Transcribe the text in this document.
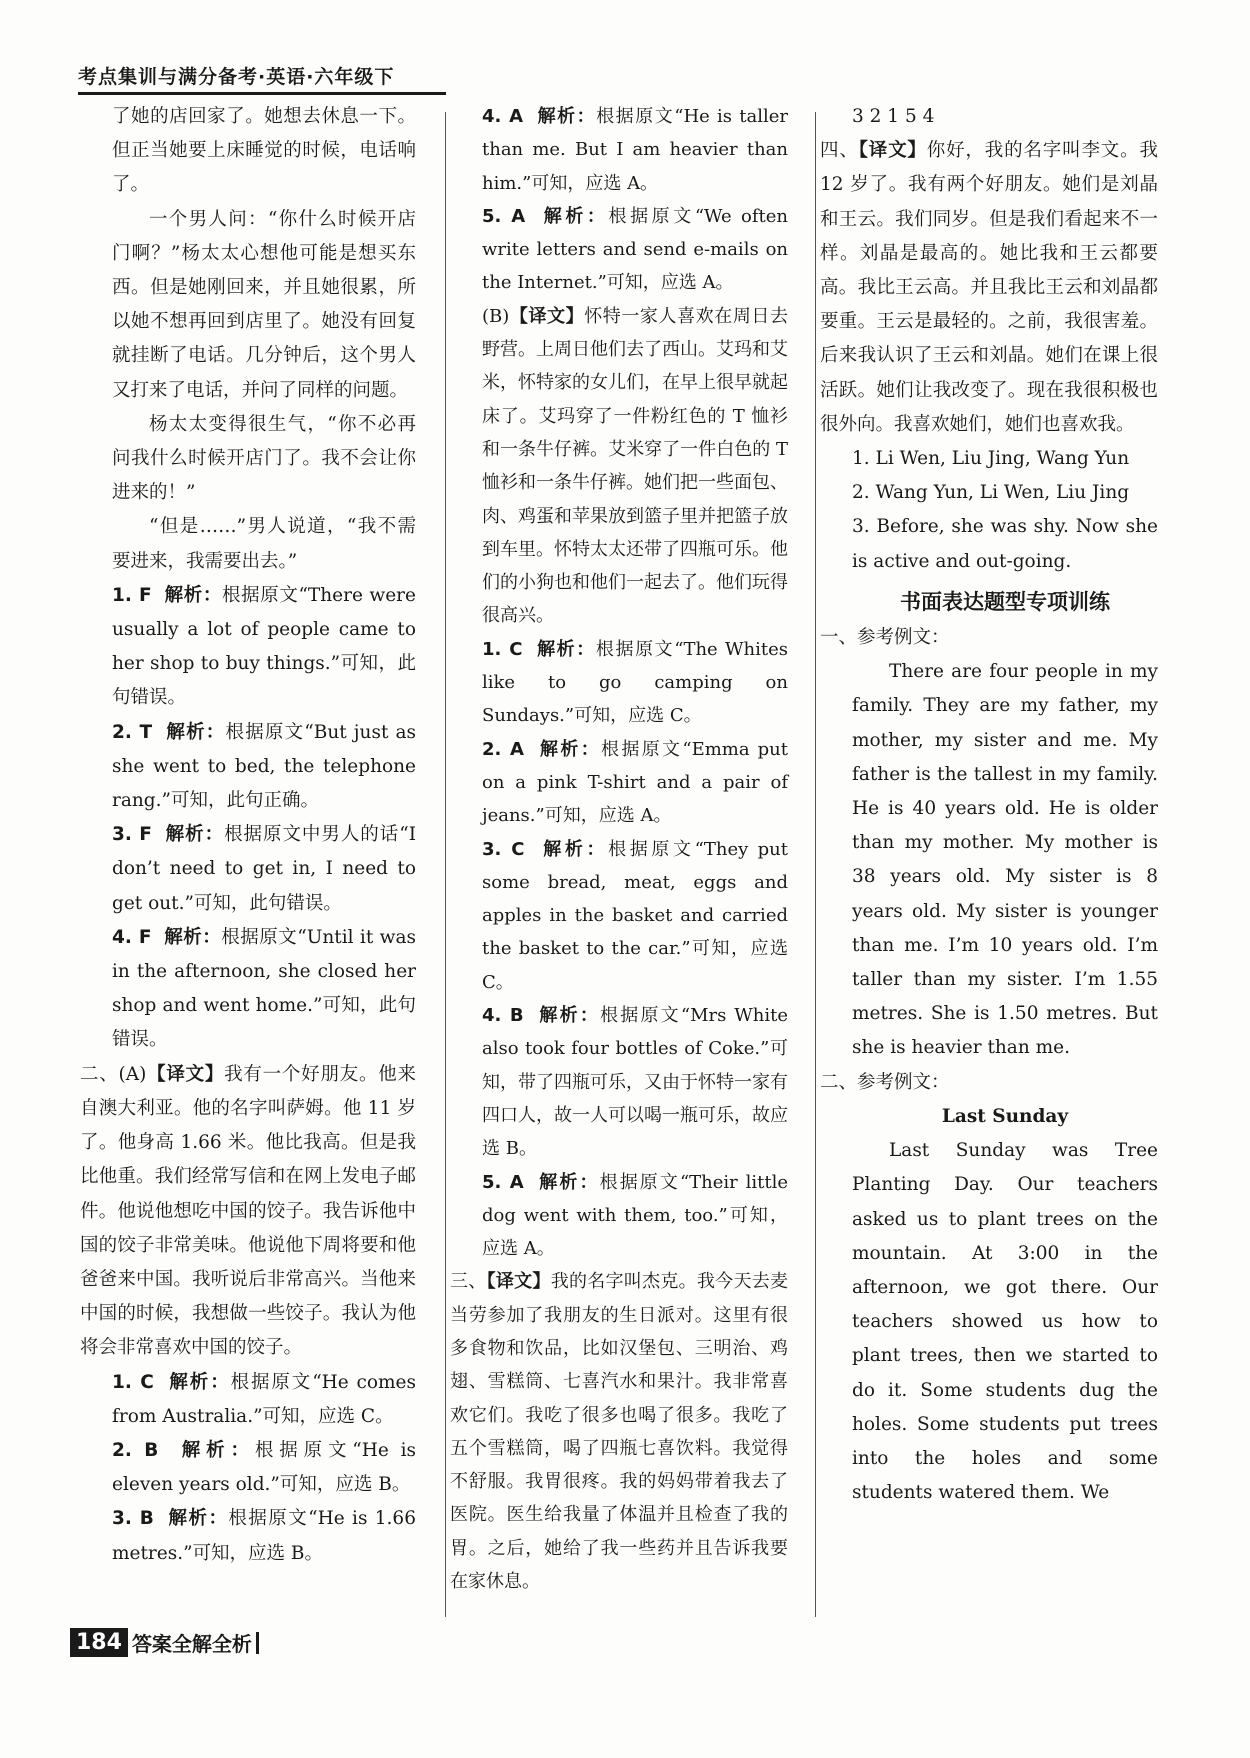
考点集训与满分备考·英语·六年级下

了她的店回家了。她想去休息一下。但正当她要上床睡觉的时候，电话响了。

一个男人问：“你什么时候开店门啊？”杨太太心想他可能是想买东西。但是她刚回来，并且她很累，所以她不想再回到店里了。她没有回复就挂断了电话。几分钟后，这个男人又打来了电话，并问了同样的问题。

杨太太变得很生气，“你不必再问我什么时候开店门了。我不会让你进来的！”

“但是……”男人说道，“我不需要进来，我需要出去。”

1. F 解析：根据原文“There were usually a lot of people came to her shop to buy things.”可知，此句错误。

2. T 解析：根据原文“But just as she went to bed, the telephone rang.”可知，此句正确。

3. F 解析：根据原文中男人的话“I don’t need to get in, I need to get out.”可知，此句错误。

4. F 解析：根据原文“Until it was in the afternoon, she closed her shop and went home.”可知，此句错误。

二、(A)【译文】我有一个好朋友。他来自澳大利亚。他的名字叫萨姆。他 11 岁了。他身高 1.66 米。他比我高。但是我比他重。我们经常写信和在网上发电子邮件。他说他想吃中国的饺子。我告诉他中国的饺子非常美味。他说他下周将要和他爸爸来中国。我听说后非常高兴。当他来中国的时候，我想做一些饺子。我认为他将会非常喜欢中国的饺子。

1. C 解析：根据原文“He comes from Australia.”可知，应选 C。

2. B 解析：根据原文“He is eleven years old.”可知，应选 B。

3. B 解析：根据原文“He is 1.66 metres.”可知，应选 B。

4. A 解析：根据原文“He is taller than me. But I am heavier than him.”可知，应选 A。

5. A 解析：根据原文“We often write letters and send e-mails on the Internet.”可知，应选 A。

(B)【译文】怀特一家人喜欢在周日去野营。上周日他们去了西山。艾玛和艾米，怀特家的女儿们，在早上很早就起床了。艾玛穿了一件粉红色的 T 恤衫和一条牛仔裤。艾米穿了一件白色的 T 恤衫和一条牛仔裤。她们把一些面包、肉、鸡蛋和苹果放到篮子里并把篮子放到车里。怀特太太还带了四瓶可乐。他们的小狗也和他们一起去了。他们玩得很高兴。

1. C 解析：根据原文“The Whites like to go camping on Sundays.”可知，应选 C。

2. A 解析：根据原文“Emma put on a pink T-shirt and a pair of jeans.”可知，应选 A。

3. C 解析：根据原文“They put some bread, meat, eggs and apples in the basket and carried the basket to the car.”可知，应选 C。

4. B 解析：根据原文“Mrs White also took four bottles of Coke.”可知，带了四瓶可乐，又由于怀特一家有四口人，故一人可以喝一瓶可乐，故应选 B。

5. A 解析：根据原文“Their little dog went with them, too.”可知，应选 A。

三、【译文】我的名字叫杰克。我今天去麦当劳参加了我朋友的生日派对。这里有很多食物和饮品，比如汉堡包、三明治、鸡翅、雪糕筒、七喜汽水和果汁。我非常喜欢它们。我吃了很多也喝了很多。我吃了五个雪糕筒，喝了四瓶七喜饮料。我觉得不舒服。我胃很疼。我的妈妈带着我去了医院。医生给我量了体温并且检查了我的胃。之后，她给了我一些药并且告诉我要在家休息。

3 2 1 5 4

四、【译文】你好，我的名字叫李文。我 12 岁了。我有两个好朋友。她们是刘晶和王云。我们同岁。但是我们看起来不一样。刘晶是最高的。她比我和王云都要高。我比王云高。并且我比王云和刘晶都要重。王云是最轻的。之前，我很害羞。后来我认识了王云和刘晶。她们在课上很活跃。她们让我改变了。现在我很积极也很外向。我喜欢她们，她们也喜欢我。

1. Li Wen, Liu Jing, Wang Yun

2. Wang Yun, Li Wen, Liu Jing

3. Before, she was shy. Now she is active and out-going.

书面表达题型专项训练

一、参考例文：

There are four people in my family. They are my father, my mother, my sister and me. My father is the tallest in my family. He is 40 years old. He is older than my mother. My mother is 38 years old. My sister is 8 years old. My sister is younger than me. I’m 10 years old. I’m taller than my sister. I’m 1.55 metres. She is 1.50 metres. But she is heavier than me.

二、参考例文：

Last Sunday

Last Sunday was Tree Planting Day. Our teachers asked us to plant trees on the mountain. At 3:00 in the afternoon, we got there. Our teachers showed us how to plant trees, then we started to do it. Some students dug the holes. Some students put trees into the holes and some students watered them. We

184 答案全解全析
